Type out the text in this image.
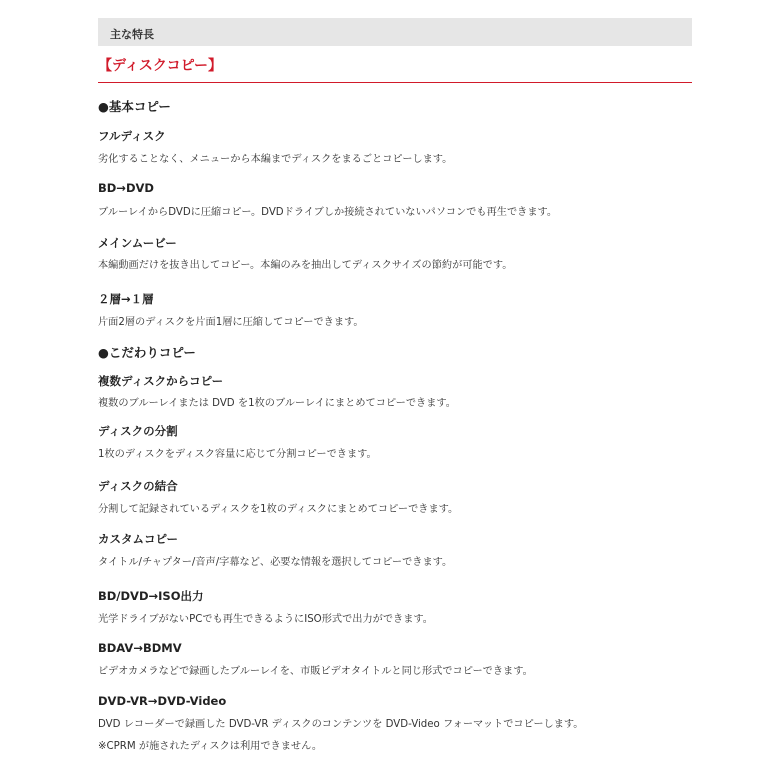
主な特長
【ディスクコピー】
●基本コピー
フルディスク
劣化することなく、メニューから本編までディスクをまるごとコピーします。
BD→DVD
ブルーレイからDVDに圧縮コピー。DVDドライブしか接続されていないパソコンでも再生できます。
メインムービー
本編動画だけを抜き出してコピー。本編のみを抽出してディスクサイズの節約が可能です。
２層→１層
片面2層のディスクを片面1層に圧縮してコピーできます。
●こだわりコピー
複数ディスクからコピー
複数のブルーレイまたは DVD を1枚のブルーレイにまとめてコピーできます。
ディスクの分割
1枚のディスクをディスク容量に応じて分割コピーできます。
ディスクの結合
分割して記録されているディスクを1枚のディスクにまとめてコピーできます。
カスタムコピー
タイトル/チャプター/音声/字幕など、必要な情報を選択してコピーできます。
BD/DVD→ISO出力
光学ドライブがないPCでも再生できるようにISO形式で出力ができます。
BDAV→BDMV
ビデオカメラなどで録画したブルーレイを、市販ビデオタイトルと同じ形式でコピーできます。
DVD-VR→DVD-Video
DVD レコーダーで録画した DVD-VR ディスクのコンテンツを DVD-Video フォーマットでコピーします。
※CPRM が施されたディスクは利用できません。
